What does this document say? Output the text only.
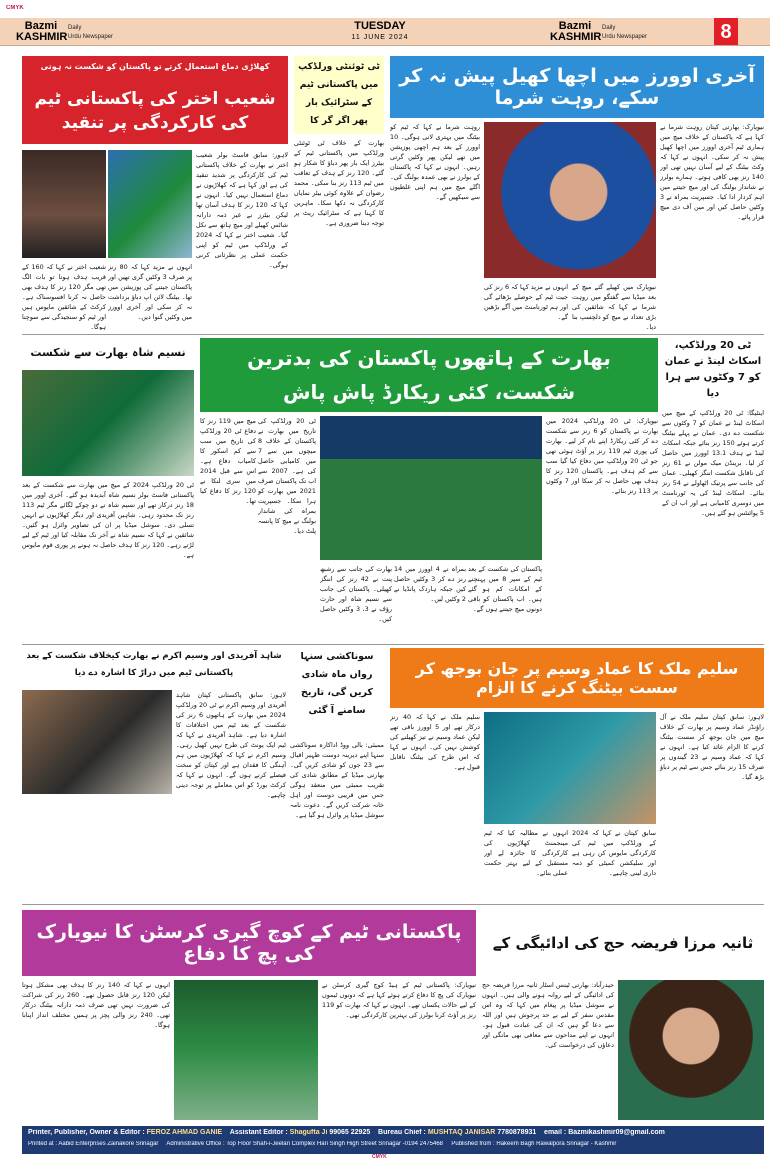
CMYK
Bazmi
KASHMIR
Daily
Urdu Newspaper
TUESDAY
11 JUNE 2024
Bazmi
KASHMIR
Daily
Urdu Newspaper	8
کھلاڑی دماغ استعمال کرتے تو پاکستان کو شکست نہ ہوتی
شعیب اختر کی پاکستانی ٹیم کی کارکردگی پر تنقید
لاہور: سابق فاسٹ بولر شعیب اختر نے بھارت کے خلاف پاکستانی ٹیم کی کارکردگی پر شدید تنقید کی ہے اور کہا ہے کہ کھلاڑیوں نے دماغ استعمال نہیں کیا۔ انہوں نے کہا کہ 120 رنز کا ہدف آسان تھا لیکن بیٹرز نے غیر ذمہ دارانہ شاٹس کھیلے اور میچ ہاتھ سے نکل گیا۔ شعیب اختر نے کہا کہ 2024 کے ورلڈکپ میں ٹیم کو اپنی حکمت عملی پر نظرثانی کرنی ہوگی۔
انہوں نے مزید کہا کہ 80 رنز پر صرف 3 وکٹیں گری تھیں اور پاکستان جیتنے کی پوزیشن میں تھا۔ بیٹنگ لائن اپ دباؤ برداشت نہ کر سکی اور آخری اوورز میں وکٹیں گنوا دیں۔
شعیب اختر نے کہا کہ 160 کے قریب ہدف ہوتا تو بات الگ تھی مگر 120 رنز کا ہدف بھی حاصل نہ کرنا افسوسناک ہے۔ کرکٹ کے شائقین مایوس ہیں اور ٹیم کو سنجیدگی سے سوچنا ہوگا۔
ٹی ٹوئنٹی ورلڈکپ میں پاکستانی ٹیم کے سٹرائیک بار پھر اگر گر کا
بھارت کے خلاف ٹی ٹوئنٹی ورلڈکپ میں پاکستانی ٹیم کے بیٹرز ایک بار پھر دباؤ کا شکار ہو گئے۔ 120 رنز کے ہدف کے تعاقب میں ٹیم 113 رنز بنا سکی۔ محمد رضوان کے علاوہ کوئی بیٹر نمایاں کارکردگی نہ دکھا سکا۔ ماہرین کا کہنا ہے کہ سٹرائیک ریٹ پر توجہ دینا ضروری ہے۔
آخری اوورز میں اچھا کھیل پیش نہ کر سکے، روہت شرما
نیویارک: بھارتی کپتان روہت شرما نے کہا ہے کہ پاکستان کے خلاف میچ میں ہماری ٹیم آخری اوورز میں اچھا کھیل پیش نہ کر سکی۔ انہوں نے کہا کہ وکٹ بیٹنگ کے لیے آسان نہیں تھی اور 140 رنز بھی کافی ہوتے۔ ہمارے بولرز نے شاندار بولنگ کی اور میچ جیتنے میں اہم کردار ادا کیا۔ جسپریت بمراہ نے 3 وکٹیں حاصل کیں اور مین آف دی میچ قرار پائے۔
روہت شرما نے کہا کہ ٹیم کو بیٹنگ میں بہتری لانی ہوگی۔ 10 اوورز کے بعد ہم اچھی پوزیشن میں تھے لیکن پھر وکٹیں گرتی رہیں۔ انہوں نے کہا کہ پاکستان کے بولرز نے بھی عمدہ بولنگ کی۔ اگلے میچ میں ہم اپنی غلطیوں سے سیکھیں گے۔
نیویارک میں کھیلے گئے میچ کے بعد میڈیا سے گفتگو میں روہت شرما نے کہا کہ شائقین کی بڑی تعداد نے میچ کو دلچسپ بنا دیا۔
انہوں نے مزید کہا کہ 6 رنز کی جیت ٹیم کے حوصلے بڑھائے گی اور ہم ٹورنامنٹ میں آگے بڑھیں گے۔
نسیم شاہ بھارت سے شکست
ٹی 20 ورلڈکپ 2024 کے میچ میں بھارت سے شکست کے بعد پاکستانی فاسٹ بولر نسیم شاہ آبدیدہ ہو گئے۔ آخری اوور میں 18 رنز درکار تھے اور نسیم شاہ نے دو چوکے لگائے مگر ٹیم 113 رنز تک محدود رہی۔ شاہین آفریدی اور دیگر کھلاڑیوں نے انہیں تسلی دی۔ سوشل میڈیا پر ان کی تصاویر وائرل ہو گئیں۔ شائقین نے کہا کہ نسیم شاہ نے آخر تک مقابلہ کیا اور ٹیم کے لیے لڑتے رہے۔ 120 رنز کا ہدف حاصل نہ ہونے پر پوری قوم مایوس ہے۔
بھارت کے ہاتھوں پاکستان کی بدترین شکست، کئی ریکارڈ پاش پاش
نیویارک: ٹی 20 ورلڈکپ 2024 میں بھارت نے پاکستان کو 6 رنز سے شکست دے کر کئی ریکارڈ اپنے نام کر لیے۔ بھارت کی پوری ٹیم 119 رنز پر آؤٹ ہوئی تھی جو ٹی 20 ورلڈکپ میں دفاع کیا گیا سب سے کم ہدف ہے۔ پاکستان 120 رنز کا ہدف بھی حاصل نہ کر سکا اور 7 وکٹوں پر 113 رنز بنائے۔
ٹی 20 ورلڈکپ کی تاریخ میں بھارت نے پاکستان کے خلاف 8 میچوں میں سے 7 میں کامیابی حاصل کی ہے۔ 2007 سے اب تک پاکستان صرف 2021 میں بھارت کو ہرا سکا۔ جسپریت بمراہ کی شاندار بولنگ نے میچ کا پانسہ پلٹ دیا۔
میچ میں 119 رنز کا دفاع ٹی 20 ورلڈکپ کی تاریخ میں سب سے کم اسکور کا کامیاب دفاع ہے۔ اس سے قبل 2014 میں سری لنکا نے 120 رنز کا دفاع کیا تھا۔
پاکستان کی شکست کے بعد ٹیم کے سپر 8 میں پہنچنے کے امکانات کم ہو گئے ہیں۔ اب پاکستان کو باقی دونوں میچ جیتنے ہوں گے۔
بمراہ نے 4 اوورز میں 14 رنز دے کر 3 وکٹیں حاصل کیں جبکہ ہاردک پانڈیا نے 2 وکٹیں لیں۔
بھارت کی جانب سے رشبھ پنت نے 42 رنز کی اننگز کھیلی۔ پاکستان کی جانب سے نسیم شاہ اور حارث رؤف نے 3، 3 وکٹیں حاصل کیں۔
ٹی 20 ورلڈکپ، اسکاٹ لینڈ نے عمان کو 7 وکٹوں سے ہرا دیا
اینٹیگا: ٹی 20 ورلڈکپ کے میچ میں اسکاٹ لینڈ نے عمان کو 7 وکٹوں سے شکست دے دی۔ عمان نے پہلے بیٹنگ کرتے ہوئے 150 رنز بنائے جبکہ اسکاٹ لینڈ نے ہدف 13.1 اوورز میں حاصل کر لیا۔ برینڈن میک مولن نے 61 رنز کی ناقابل شکست اننگز کھیلی۔ عمان کی جانب سے پرتیک اٹھاولے نے 54 رنز بنائے۔ اسکاٹ لینڈ کی یہ ٹورنامنٹ میں دوسری کامیابی ہے اور اب ان کے 5 پوائنٹس ہو گئے ہیں۔
شاہد آفریدی اور وسیم اکرم نے بھارت کیخلاف شکست کے بعد پاکستانی ٹیم میں دراڑ کا اشارہ دے دیا
لاہور: سابق پاکستانی کپتان شاہد آفریدی اور وسیم اکرم نے ٹی 20 ورلڈکپ 2024 میں بھارت کے ہاتھوں 6 رنز کی شکست کے بعد ٹیم میں اختلافات کا اشارہ دیا ہے۔ شاہد آفریدی نے کہا کہ ٹیم ایک یونٹ کی طرح نہیں کھیل رہی۔ وسیم اکرم نے کہا کہ کھلاڑیوں میں ہم آہنگی کا فقدان ہے اور کپتان کو سخت فیصلے کرنے ہوں گے۔ انہوں نے کہا کہ کرکٹ بورڈ کو اس معاملے پر توجہ دینی چاہیے۔
سوناکشی سنہا رواں ماہ شادی کریں گی، تاریخ سامنے آ گئی
ممبئی: بالی ووڈ اداکارہ سوناکشی سنہا اپنے دیرینہ دوست ظہیر اقبال سے 23 جون کو شادی کریں گی۔ بھارتی میڈیا کے مطابق شادی کی تقریب ممبئی میں منعقد ہوگی جس میں قریبی دوست اور اہل خانہ شرکت کریں گے۔ دعوت نامہ سوشل میڈیا پر وائرل ہو گیا ہے۔
سلیم ملک کا عماد وسیم پر جان بوجھ کر سست بیٹنگ کرنے کا الزام
لاہور: سابق کپتان سلیم ملک نے آل راؤنڈر عماد وسیم پر بھارت کے خلاف میچ میں جان بوجھ کر سست بیٹنگ کرنے کا الزام عائد کیا ہے۔ انہوں نے کہا کہ عماد وسیم نے 23 گیندوں پر صرف 15 رنز بنائے جس سے ٹیم پر دباؤ بڑھ گیا۔
سلیم ملک نے کہا کہ 40 رنز درکار تھے اور 5 اوورز باقی تھے لیکن عماد وسیم نے تیز کھیلنے کی کوشش نہیں کی۔ انہوں نے کہا کہ اس طرح کی بیٹنگ ناقابل قبول ہے۔
سابق کپتان نے کہا کہ 2024 کے ورلڈکپ میں ٹیم کی کارکردگی مایوس کن رہی ہے اور سلیکشن کمیٹی کو ذمہ داری لینی چاہیے۔
انہوں نے مطالبہ کیا کہ ٹیم مینجمنٹ کھلاڑیوں کی کارکردگی کا جائزہ لے اور مستقبل کے لیے بہتر حکمت عملی بنائے۔
پاکستانی ٹیم کے کوچ گیری کرسٹن کا نیویارک کی پچ کا دفاع
نیویارک: پاکستانی ٹیم کے ہیڈ کوچ گیری کرسٹن نے نیویارک کی پچ کا دفاع کرتے ہوئے کہا ہے کہ دونوں ٹیموں کے لیے حالات یکساں تھے۔ انہوں نے کہا کہ بھارت کو 119 رنز پر آؤٹ کرنا بولرز کی بہترین کارکردگی تھی۔
انہوں نے کہا کہ 140 رنز کا ہدف بھی مشکل ہوتا لیکن 120 رنز قابل حصول تھے۔ 260 رنز کی شراکت کی ضرورت نہیں تھی صرف ذمہ دارانہ بیٹنگ درکار تھی۔ 240 رنز والی پچز پر ہمیں مختلف انداز اپنانا ہوگا۔
ثانیہ مرزا فریضہ حج کی ادائیگی کے
حیدرآباد: بھارتی ٹینس اسٹار ثانیہ مرزا فریضہ حج کی ادائیگی کے لیے روانہ ہونے والی ہیں۔ انہوں نے سوشل میڈیا پر پیغام میں کہا کہ وہ اس مقدس سفر کے لیے بے حد پرجوش ہیں اور اللہ سے دعا گو ہیں کہ ان کی عبادت قبول ہو۔ انہوں نے اپنے مداحوں سے معافی بھی مانگی اور دعاؤں کی درخواست کی۔
Printer, Publisher, Owner & Editor : FEROZ AHMAD GANIE Assistant Editor : Shagufta Ji 99065 22925 Bureau Chief : MUSHTAQ JANISAR 7780878931 email : Bazmikashmir09@gmail.com
Printed at : Aabid Enterprises Zainakore Srinagar Administrative Office : Top Floor Shah-i-Jeelan Complex Hari Singh High Street Srinagar -0194 2475468 Published from : Hakeem Bagh Rawalpora Srinagar - Kashmir
CMYK
